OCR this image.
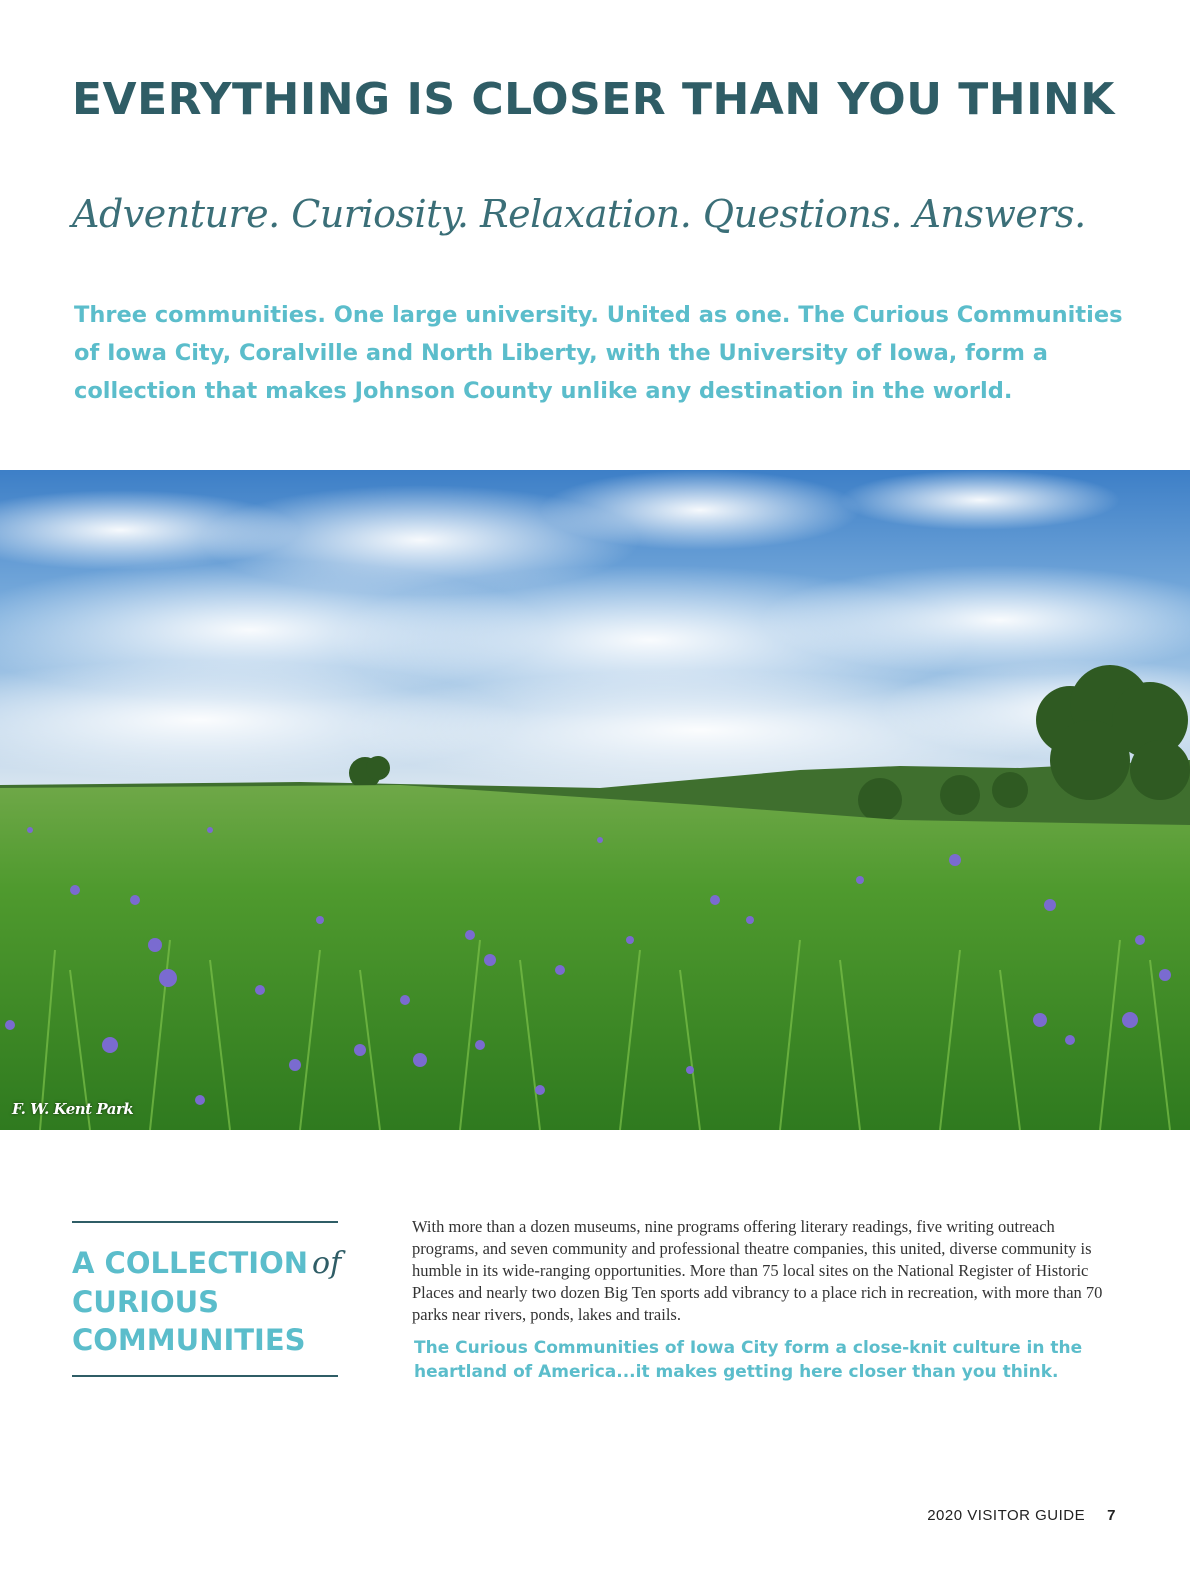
EVERYTHING IS CLOSER THAN YOU THINK

Adventure. Curiosity. Relaxation. Questions. Answers.

Three communities. One large university. United as one. The Curious Communities of Iowa City, Coralville and North Liberty, with the University of Iowa, form a collection that makes Johnson County unlike any destination in the world.

F. W. Kent Park
A COLLECTION of
CURIOUS
COMMUNITIES

With more than a dozen museums, nine programs offering literary readings, five writing outreach programs, and seven community and professional theatre companies, this united, diverse community is humble in its wide-ranging opportunities. More than 75 local sites on the National Register of Historic Places and nearly two dozen Big Ten sports add vibrancy to a place rich in recreation, with more than 70 parks near rivers, ponds, lakes and trails.

The Curious Communities of Iowa City form a close-knit culture in the heartland of America...it makes getting here closer than you think.

2020 VISITOR GUIDE 7
